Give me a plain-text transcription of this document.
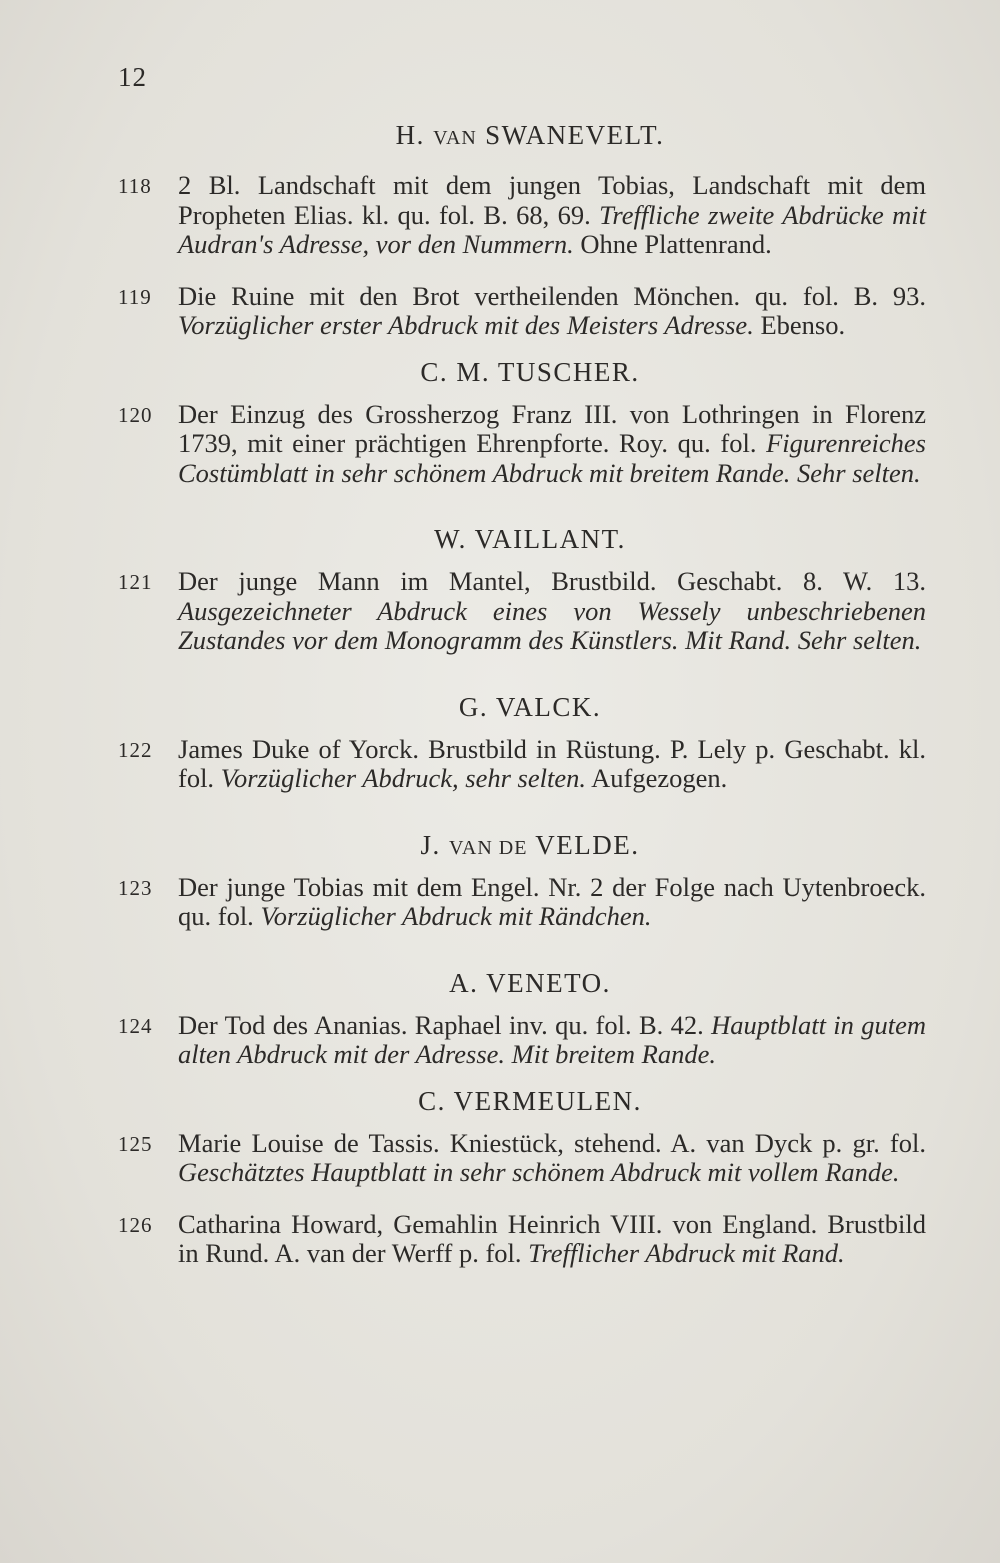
12
H. VAN SWANEVELT.
118 2 Bl. Landschaft mit dem jungen Tobias, Landschaft mit dem Propheten Elias. kl. qu. fol. B. 68, 69. Treffliche zweite Abdrücke mit Audran's Adresse, vor den Nummern. Ohne Plattenrand.
119 Die Ruine mit den Brot vertheilenden Mönchen. qu. fol. B. 93. Vorzüglicher erster Abdruck mit des Meisters Adresse. Ebenso.
C. M. TUSCHER.
120 Der Einzug des Grossherzog Franz III. von Lothringen in Florenz 1739, mit einer prächtigen Ehrenpforte. Roy. qu. fol. Figurenreiches Costümblatt in sehr schönem Abdruck mit breitem Rande. Sehr selten.
W. VAILLANT.
121 Der junge Mann im Mantel, Brustbild. Geschabt. 8. W. 13. Ausgezeichneter Abdruck eines von Wessely unbeschriebenen Zustandes vor dem Monogramm des Künstlers. Mit Rand. Sehr selten.
G. VALCK.
122 James Duke of Yorck. Brustbild in Rüstung. P. Lely p. Geschabt. kl. fol. Vorzüglicher Abdruck, sehr selten. Aufgezogen.
J. VAN DE VELDE.
123 Der junge Tobias mit dem Engel. Nr. 2 der Folge nach Uytenbroeck. qu. fol. Vorzüglicher Abdruck mit Rändchen.
A. VENETO.
124 Der Tod des Ananias. Raphael inv. qu. fol. B. 42. Hauptblatt in gutem alten Abdruck mit der Adresse. Mit breitem Rande.
C. VERMEULEN.
125 Marie Louise de Tassis. Kniestück, stehend. A. van Dyck p. gr. fol. Geschätztes Hauptblatt in sehr schönem Abdruck mit vollem Rande.
126 Catharina Howard, Gemahlin Heinrich VIII. von England. Brustbild in Rund. A. van der Werff p. fol. Trefflicher Abdruck mit Rand.
